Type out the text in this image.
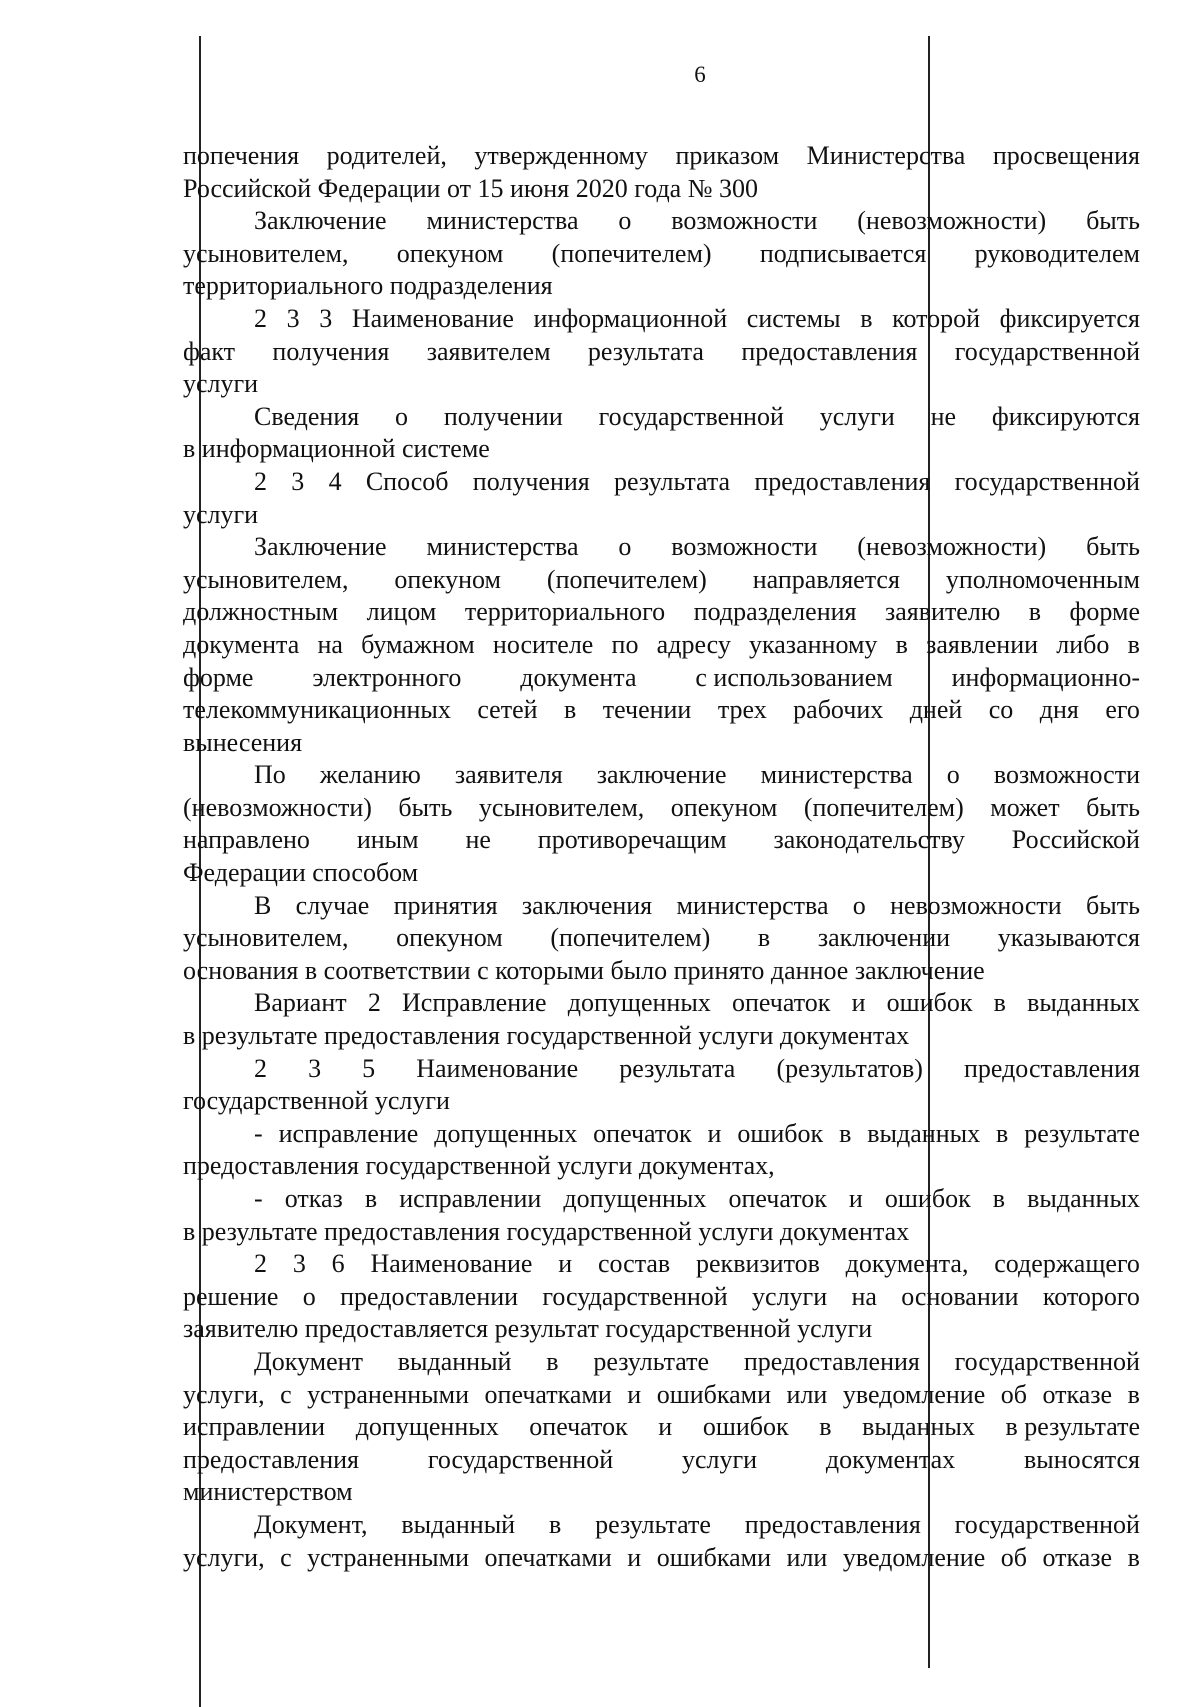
6
попечения родителей, утвержденному приказом Министерства просвещения
Российской
Федерации
от
15
июня
2020
года
№
300
Заключение министерства о возможности (невозможности) быть
усыновителем, опекуном (попечителем) подписывается руководителем
территориального
подразделения
2 3 3 Наименование информационной системы в которой фиксируется
факт получения заявителем результата предоставления государственной
услуги
Сведения о получении государственной услуги не фиксируются
в
информационной
системе
2 3 4 Способ получения результата предоставления государственной
услуги
Заключение министерства о возможности (невозможности) быть
усыновителем, опекуном (попечителем) направляется уполномоченным
должностным лицом территориального подразделения заявителю в форме
документа на бумажном носителе по адресу указанному в заявлении либо в
форме электронного документа с использованием информационно-
телекоммуникационных сетей в течении трех рабочих дней со дня его
вынесения
По желанию заявителя заключение министерства о возможности
(невозможности) быть усыновителем, опекуном (попечителем) может быть
направлено иным не противоречащим законодательству Российской
Федерации
способом
В случае принятия заключения министерства о невозможности быть
усыновителем, опекуном (попечителем) в заключении указываются
основания
в
соответствии
с
которыми
было
принято
данное
заключение
Вариант 2 Исправление допущенных опечаток и ошибок в выданных
в
результате
предоставления
государственной
услуги
документах
2 3 5 Наименование результата (результатов) предоставления
государственной
услуги
- исправление допущенных опечаток и ошибок в выданных в результате
предоставления
государственной
услуги
документах,
- отказ в исправлении допущенных опечаток и ошибок в выданных
в
результате
предоставления
государственной
услуги
документах
2 3 6 Наименование и состав реквизитов документа, содержащего
решение о предоставлении государственной услуги на основании которого
заявителю
предоставляется
результат
государственной
услуги
Документ выданный в результате предоставления государственной
услуги, с устраненными опечатками и ошибками или уведомление об отказе в
исправлении допущенных опечаток и ошибок в выданных в результате
предоставления	государственной	услуги	документах	выносятся
министерством
Документ, выданный в результате предоставления государственной
услуги, с устраненными опечатками и ошибками или уведомление об отказе в
